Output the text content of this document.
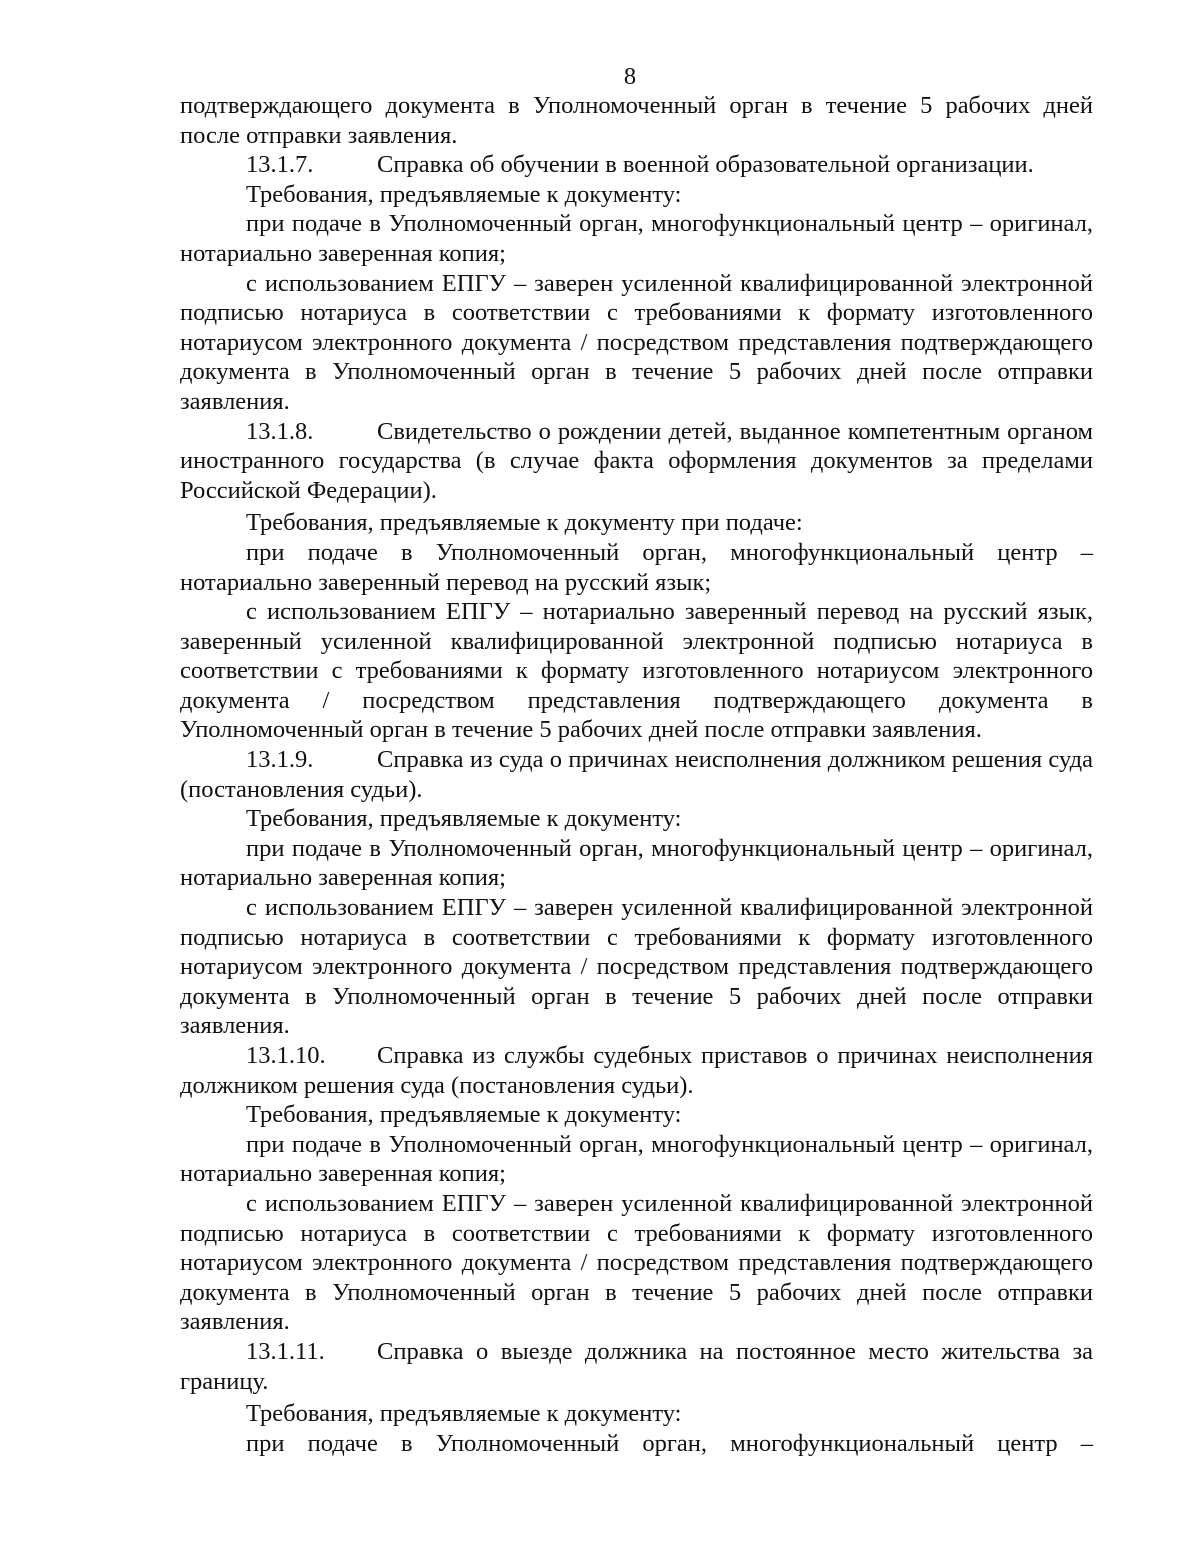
8

подтверждающего документа в Уполномоченный орган в течение 5 рабочих дней после отправки заявления.

13.1.7.	Справка об обучении в военной образовательной организации.

Требования, предъявляемые к документу:

при подаче в Уполномоченный орган, многофункциональный центр – оригинал, нотариально заверенная копия;

с использованием ЕПГУ – заверен усиленной квалифицированной электронной подписью нотариуса в соответствии с требованиями к формату изготовленного нотариусом электронного документа / посредством представления подтверждающего документа в Уполномоченный орган в течение 5 рабочих дней после отправки заявления.

13.1.8.	Свидетельство о рождении детей, выданное компетентным органом иностранного государства (в случае факта оформления документов за пределами Российской Федерации).

Требования, предъявляемые к документу при подаче:

при подаче в Уполномоченный орган, многофункциональный центр – нотариально заверенный перевод на русский язык;

с использованием ЕПГУ – нотариально заверенный перевод на русский язык, заверенный усиленной квалифицированной электронной подписью нотариуса в соответствии с требованиями к формату изготовленного нотариусом электронного документа / посредством представления подтверждающего документа в Уполномоченный орган в течение 5 рабочих дней после отправки заявления.

13.1.9.	Справка из суда о причинах неисполнения должником решения суда (постановления судьи).

Требования, предъявляемые к документу:

при подаче в Уполномоченный орган, многофункциональный центр – оригинал, нотариально заверенная копия;

с использованием ЕПГУ – заверен усиленной квалифицированной электронной подписью нотариуса в соответствии с требованиями к формату изготовленного нотариусом электронного документа / посредством представления подтверждающего документа в Уполномоченный орган в течение 5 рабочих дней после отправки заявления.

13.1.10. Справка из службы судебных приставов о причинах неисполнения должником решения суда (постановления судьи).

Требования, предъявляемые к документу:

при подаче в Уполномоченный орган, многофункциональный центр – оригинал, нотариально заверенная копия;

с использованием ЕПГУ – заверен усиленной квалифицированной электронной подписью нотариуса в соответствии с требованиями к формату изготовленного нотариусом электронного документа / посредством представления подтверждающего документа в Уполномоченный орган в течение 5 рабочих дней после отправки заявления.

13.1.11. Справка о выезде должника на постоянное место жительства за границу.

Требования, предъявляемые к документу:

при подаче в Уполномоченный орган, многофункциональный центр –
